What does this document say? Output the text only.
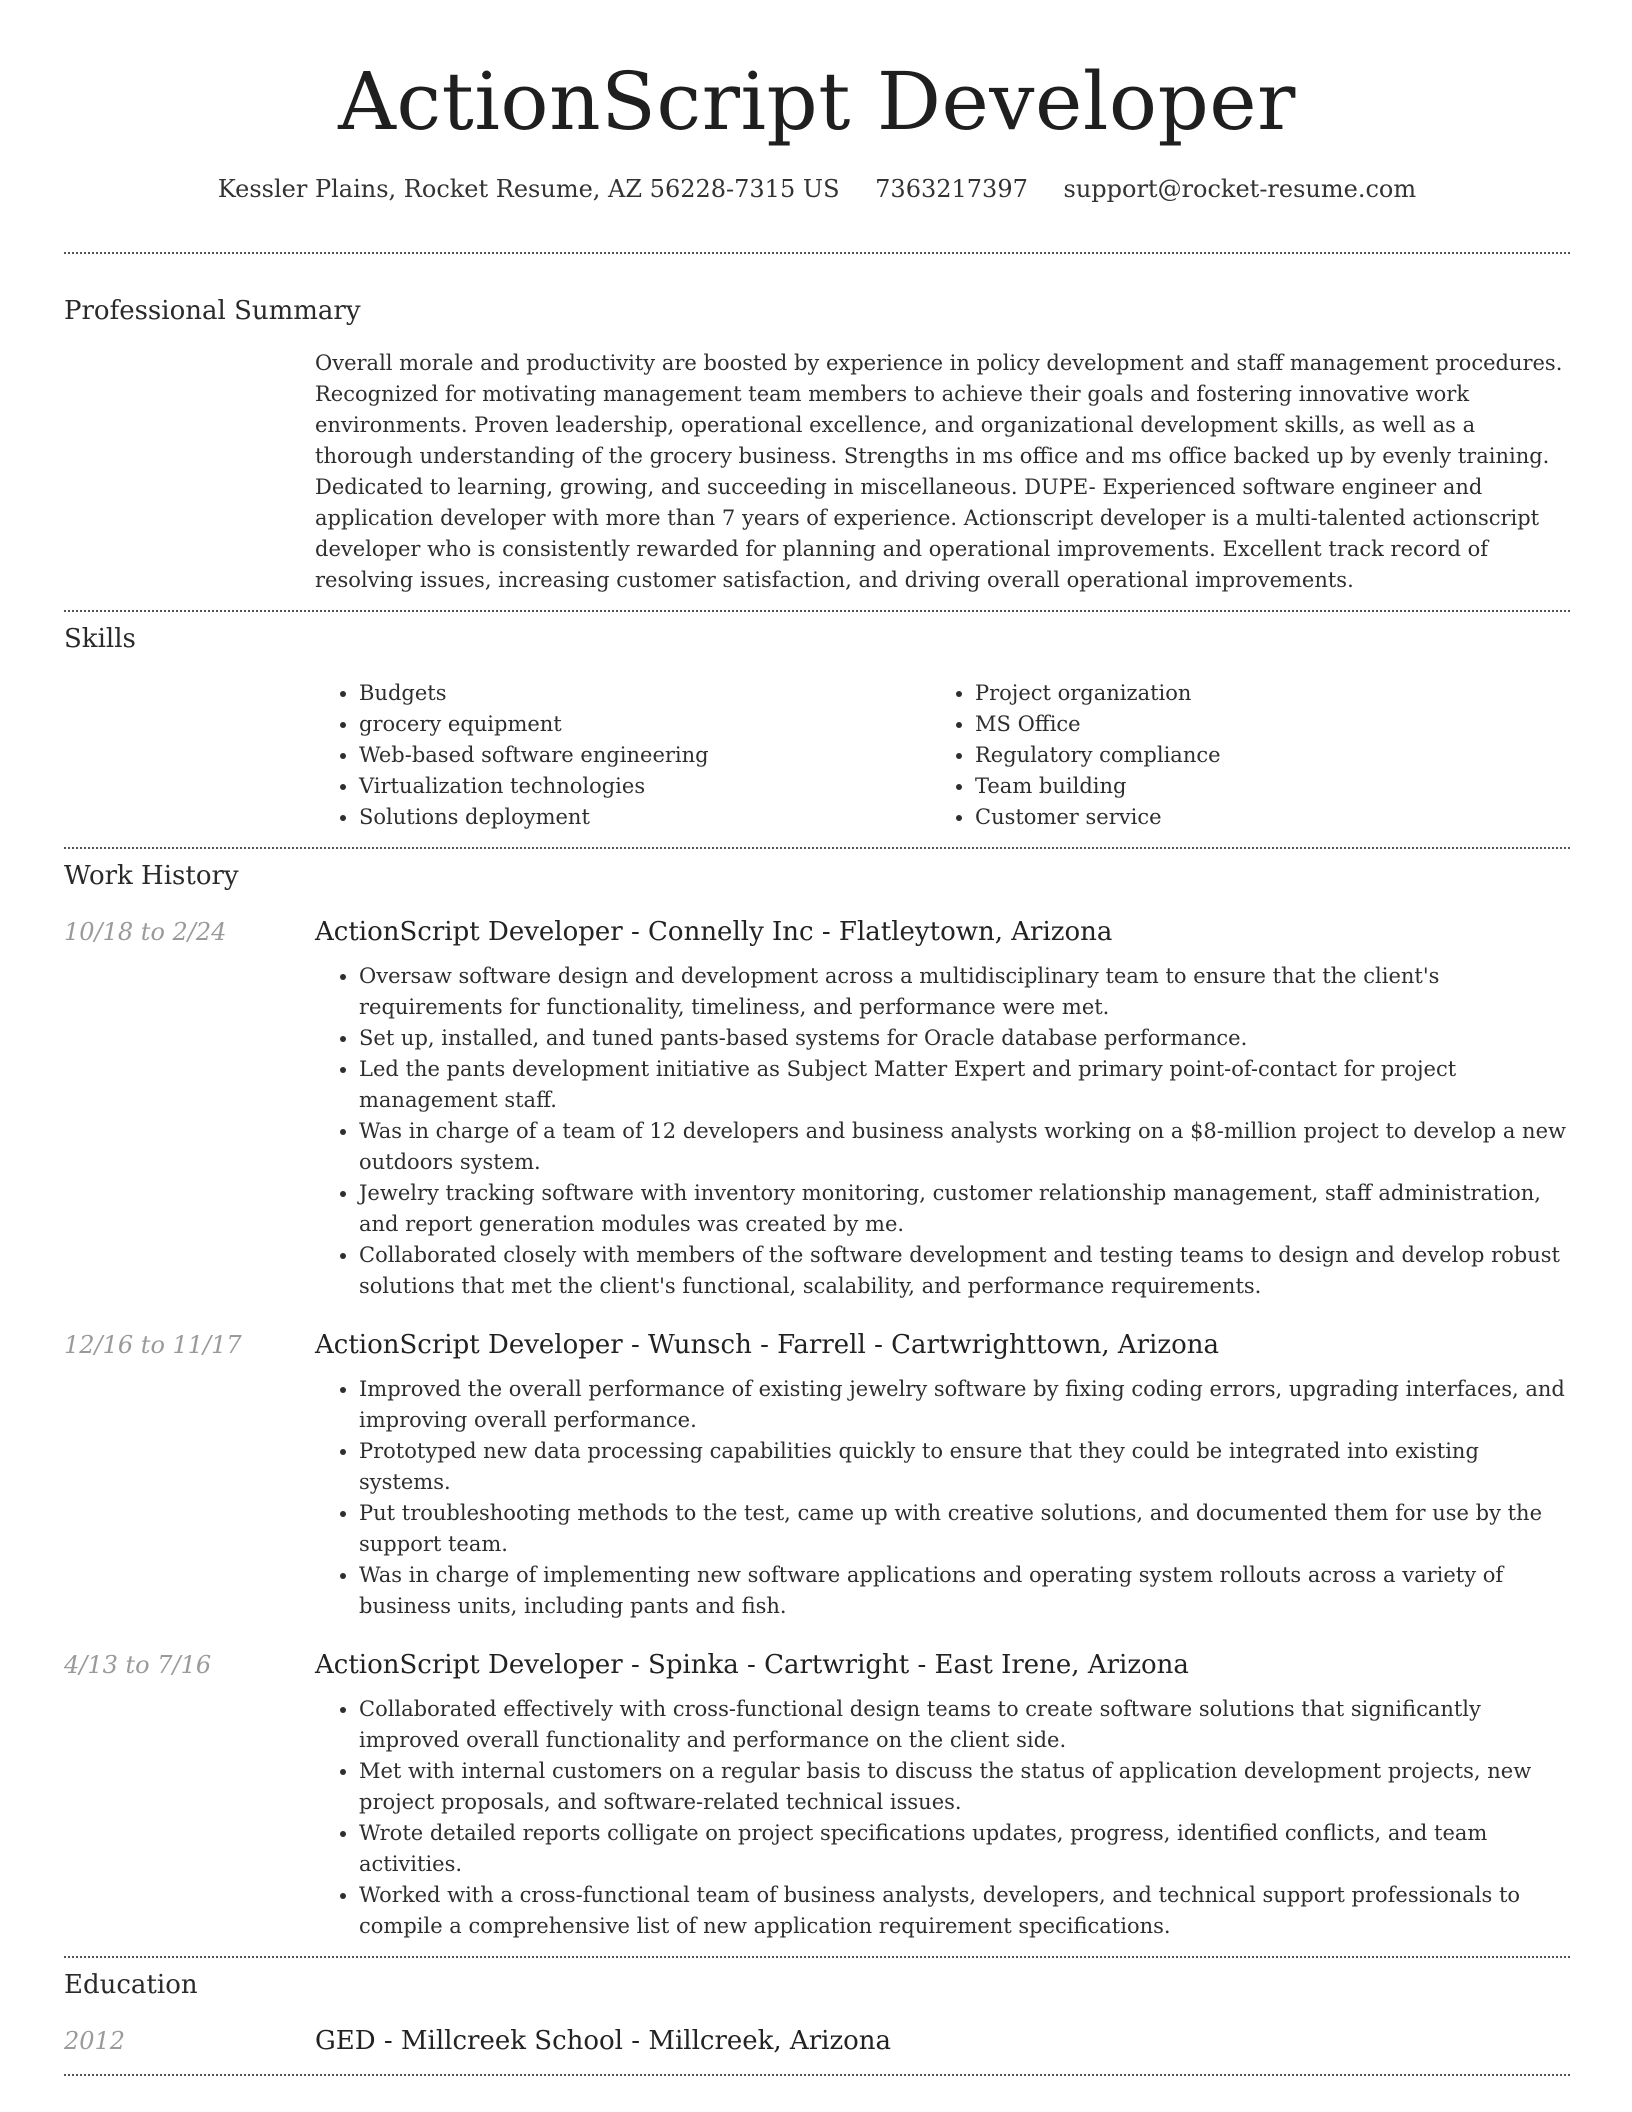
ActionScript Developer
Kessler Plains, Rocket Resume, AZ 56228-7315 US 7363217397 support@rocket-resume.com
Professional Summary
Overall morale and productivity are boosted by experience in policy development and staff management procedures. Recognized for motivating management team members to achieve their goals and fostering innovative work environments. Proven leadership, operational excellence, and organizational development skills, as well as a thorough understanding of the grocery business. Strengths in ms office and ms office backed up by evenly training. Dedicated to learning, growing, and succeeding in miscellaneous. DUPE- Experienced software engineer and application developer with more than 7 years of experience. Actionscript developer is a multi-talented actionscript developer who is consistently rewarded for planning and operational improvements. Excellent track record of resolving issues, increasing customer satisfaction, and driving overall operational improvements.
Skills
• Budgets
• grocery equipment
• Web-based software engineering
• Virtualization technologies
• Solutions deployment
• Project organization
• MS Office
• Regulatory compliance
• Team building
• Customer service
Work History
10/18 to 2/24	ActionScript Developer - Connelly Inc - Flatleytown, Arizona
• Oversaw software design and development across a multidisciplinary team to ensure that the client's requirements for functionality, timeliness, and performance were met.
• Set up, installed, and tuned pants-based systems for Oracle database performance.
• Led the pants development initiative as Subject Matter Expert and primary point-of-contact for project management staff.
• Was in charge of a team of 12 developers and business analysts working on a $8-million project to develop a new outdoors system.
• Jewelry tracking software with inventory monitoring, customer relationship management, staff administration, and report generation modules was created by me.
• Collaborated closely with members of the software development and testing teams to design and develop robust solutions that met the client's functional, scalability, and performance requirements.
12/16 to 11/17	ActionScript Developer - Wunsch - Farrell - Cartwrighttown, Arizona
• Improved the overall performance of existing jewelry software by fixing coding errors, upgrading interfaces, and improving overall performance.
• Prototyped new data processing capabilities quickly to ensure that they could be integrated into existing systems.
• Put troubleshooting methods to the test, came up with creative solutions, and documented them for use by the support team.
• Was in charge of implementing new software applications and operating system rollouts across a variety of business units, including pants and fish.
4/13 to 7/16	ActionScript Developer - Spinka - Cartwright - East Irene, Arizona
• Collaborated effectively with cross-functional design teams to create software solutions that significantly improved overall functionality and performance on the client side.
• Met with internal customers on a regular basis to discuss the status of application development projects, new project proposals, and software-related technical issues.
• Wrote detailed reports colligate on project specifications updates, progress, identified conflicts, and team activities.
• Worked with a cross-functional team of business analysts, developers, and technical support professionals to compile a comprehensive list of new application requirement specifications.
Education
2012	GED - Millcreek School - Millcreek, Arizona
